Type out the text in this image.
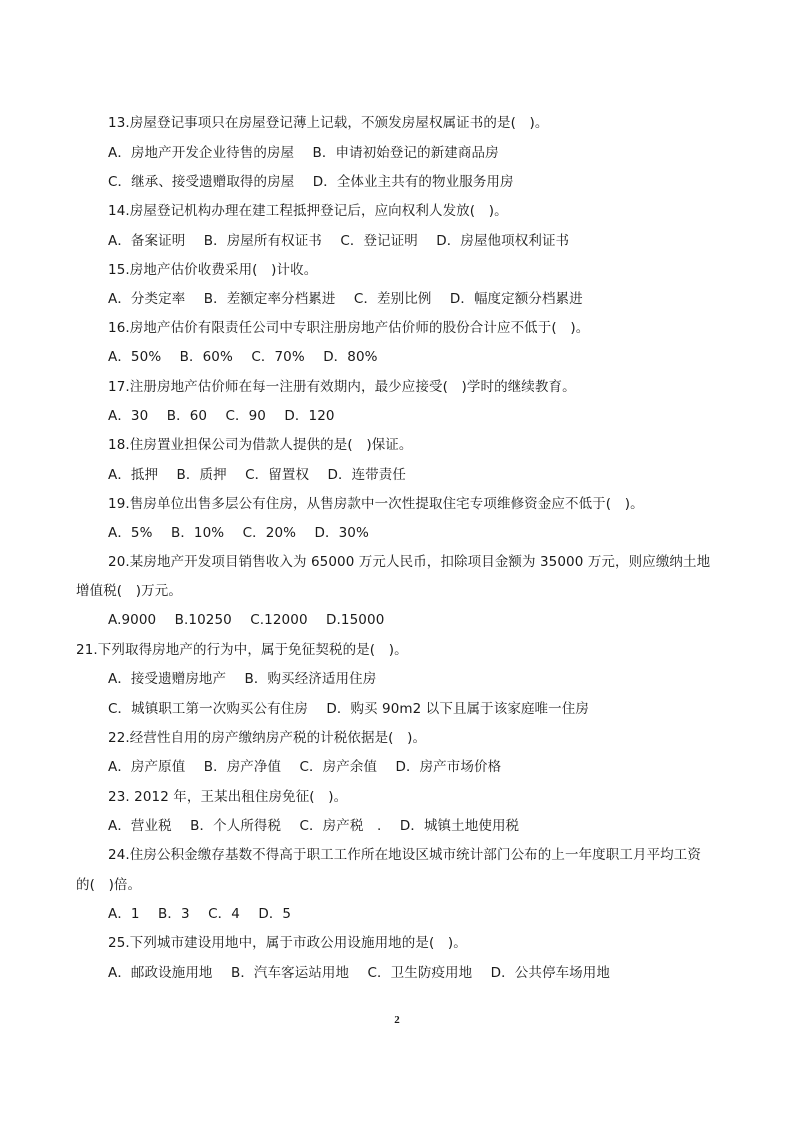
13.房屋登记事项只在房屋登记薄上记载，不颁发房屋权属证书的是(　)。
A．房地产开发企业待售的房屋 B．申请初始登记的新建商品房
C．继承、接受遗赠取得的房屋 D．全体业主共有的物业服务用房
14.房屋登记机构办理在建工程抵押登记后，应向权利人发放(　)。
A．备案证明 B．房屋所有权证书 C．登记证明 D．房屋他项权利证书
15.房地产估价收费采用(　)计收。
A．分类定率 B．差额定率分档累进 C．差别比例 D．幅度定额分档累进
16.房地产估价有限责任公司中专职注册房地产估价师的股份合计应不低于(　)。
A．50% B．60% C．70% D．80%
17.注册房地产估价师在每一注册有效期内，最少应接受(　)学时的继续教育。
A．30 B．60 C．90 D．120
18.住房置业担保公司为借款人提供的是(　)保证。
A．抵押 B．质押 C．留置权 D．连带责任
19.售房单位出售多层公有住房，从售房款中一次性提取住宅专项维修资金应不低于(　)。
A．5% B．10% C．20% D．30%
20.某房地产开发项目销售收入为 65000 万元人民币，扣除项目金额为 35000 万元，则应缴纳土地
增值税(　)万元。
A.9000 B.10250 C.12000 D.15000
21.下列取得房地产的行为中，属于免征契税的是(　)。
A．接受遗赠房地产 B．购买经济适用住房
C．城镇职工第一次购买公有住房 D．购买 90m2 以下且属于该家庭唯一住房
22.经营性自用的房产缴纳房产税的计税依据是(　)。
A．房产原值 B．房产净值 C．房产余值 D．房产市场价格
23. 2012 年，王某出租住房免征(　)。
A．营业税 B．个人所得税 C．房产税　. D．城镇土地使用税
24.住房公积金缴存基数不得高于职工工作所在地设区城市统计部门公布的上一年度职工月平均工资
的(　)倍。
A．1 B．3 C．4 D．5
25.下列城市建设用地中，属于市政公用设施用地的是(　)。
A．邮政设施用地 B．汽车客运站用地 C．卫生防疫用地 D．公共停车场用地
2
